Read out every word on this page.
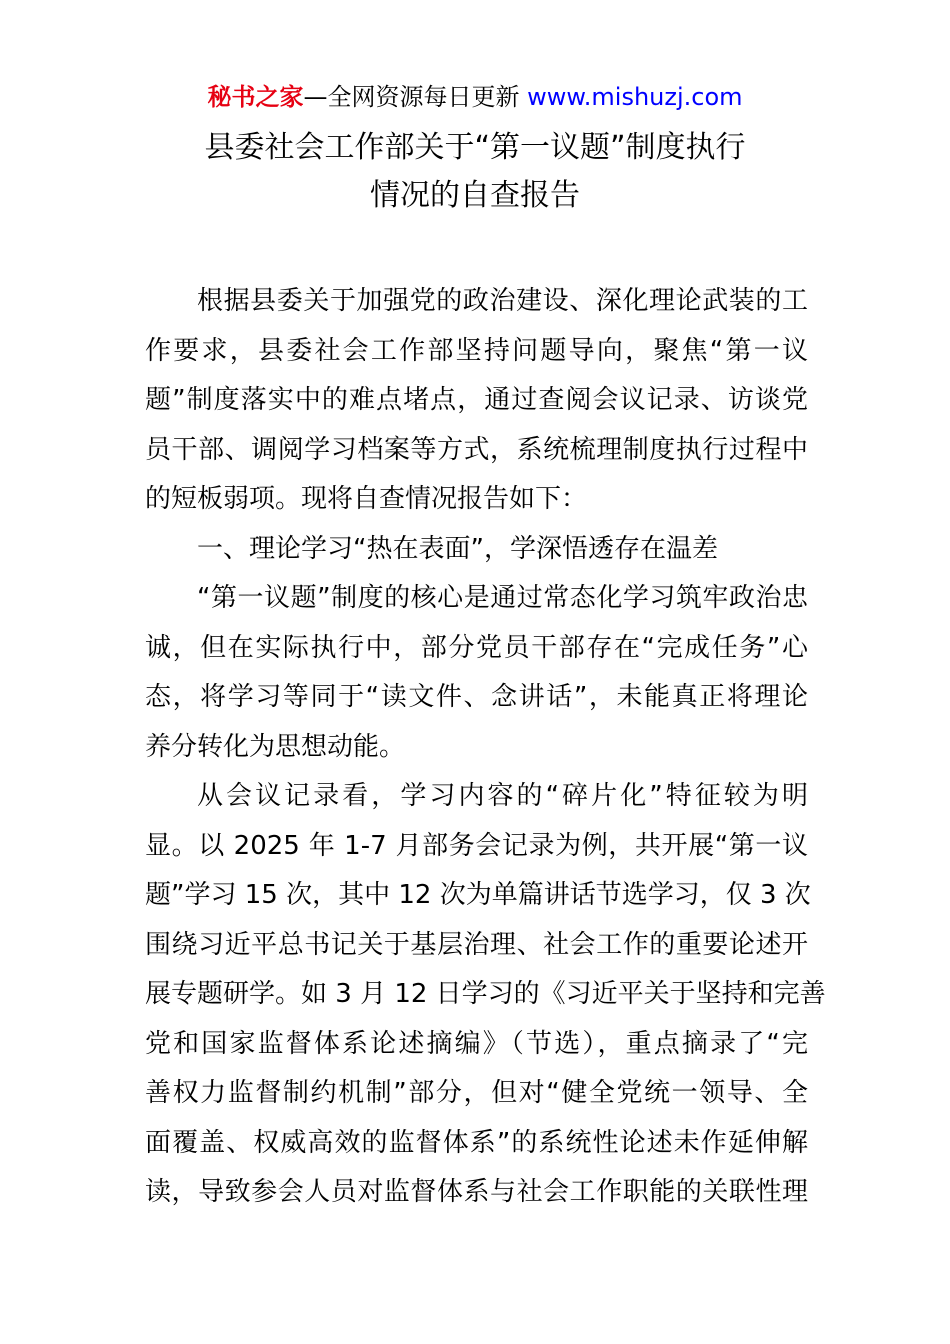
秘书之家—全网资源每日更新 www.mishuzj.com
县委社会工作部关于“第一议题”制度执行
情况的自查报告

根据县委关于加强党的政治建设、深化理论武装的工
作要求，县委社会工作部坚持问题导向，聚焦“第一议
题”制度落实中的难点堵点，通过查阅会议记录、访谈党
员干部、调阅学习档案等方式，系统梳理制度执行过程中
的短板弱项。现将自查情况报告如下：

一、理论学习“热在表面”，学深悟透存在温差

“第一议题”制度的核心是通过常态化学习筑牢政治忠
诚，但在实际执行中，部分党员干部存在“完成任务”心
态，将学习等同于“读文件、念讲话”，未能真正将理论
养分转化为思想动能。

从会议记录看，学习内容的“碎片化”特征较为明
显。以 2025 年 1-7 月部务会记录为例，共开展“第一议
题”学习 15 次，其中 12 次为单篇讲话节选学习，仅 3 次
围绕习近平总书记关于基层治理、社会工作的重要论述开
展专题研学。如 3 月 12 日学习的《习近平关于坚持和完善
党和国家监督体系论述摘编》（节选），重点摘录了“完
善权力监督制约机制”部分，但对“健全党统一领导、全
面覆盖、权威高效的监督体系”的系统性论述未作延伸解
读，导致参会人员对监督体系与社会工作职能的关联性理
